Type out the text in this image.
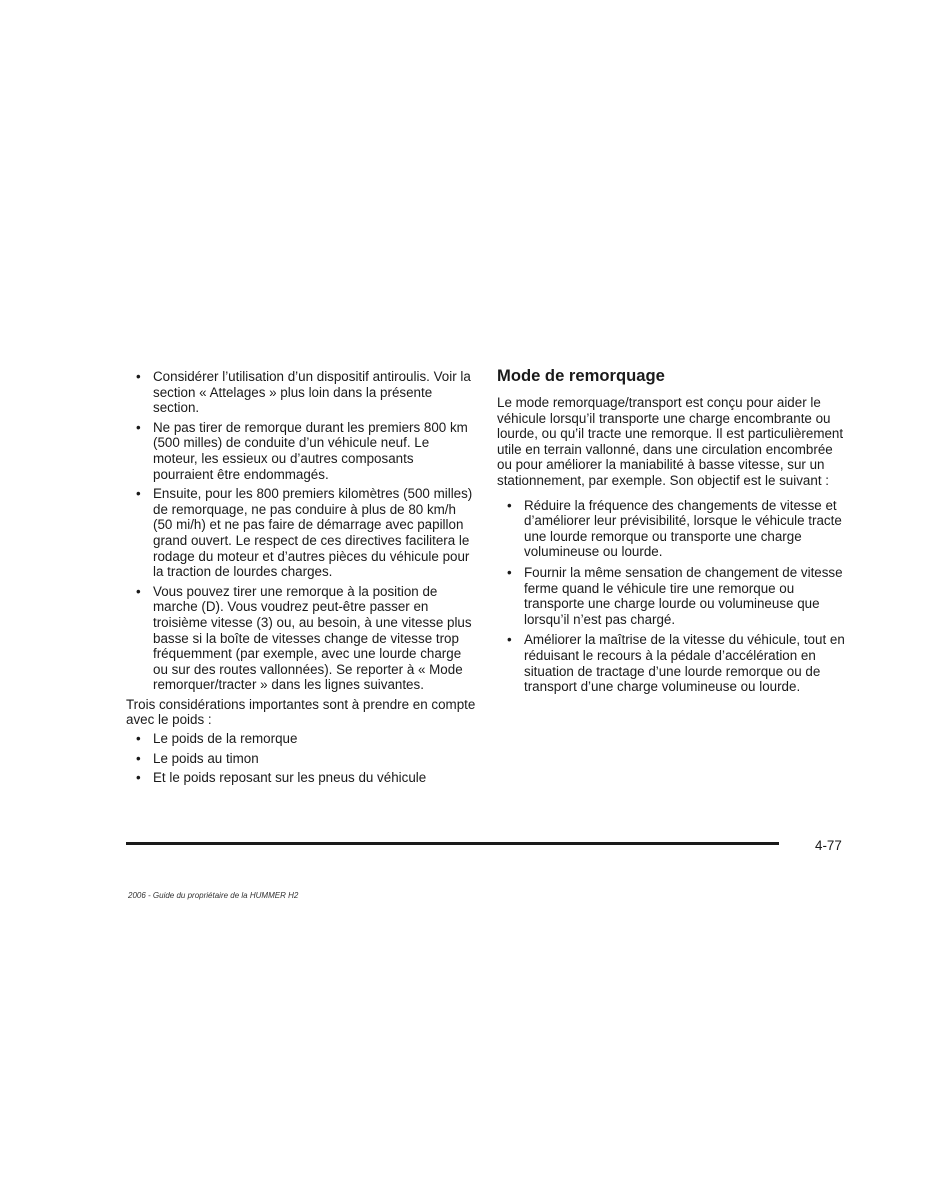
• Considérer l’utilisation d’un dispositif antiroulis. Voir la section « Attelages » plus loin dans la présente section.
• Ne pas tirer de remorque durant les premiers 800 km (500 milles) de conduite d’un véhicule neuf. Le moteur, les essieux ou d’autres composants pourraient être endommagés.
• Ensuite, pour les 800 premiers kilomètres (500 milles) de remorquage, ne pas conduire à plus de 80 km/h (50 mi/h) et ne pas faire de démarrage avec papillon grand ouvert. Le respect de ces directives facilitera le rodage du moteur et d’autres pièces du véhicule pour la traction de lourdes charges.
• Vous pouvez tirer une remorque à la position de marche (D). Vous voudrez peut-être passer en troisième vitesse (3) ou, au besoin, à une vitesse plus basse si la boîte de vitesses change de vitesse trop fréquemment (par exemple, avec une lourde charge ou sur des routes vallonnées). Se reporter à « Mode remorquer/tracter » dans les lignes suivantes.

Trois considérations importantes sont à prendre en compte avec le poids :

• Le poids de la remorque
• Le poids au timon
• Et le poids reposant sur les pneus du véhicule
Mode de remorquage

Le mode remorquage/transport est conçu pour aider le véhicule lorsqu’il transporte une charge encombrante ou lourde, ou qu’il tracte une remorque. Il est particulièrement utile en terrain vallonné, dans une circulation encombrée ou pour améliorer la maniabilité à basse vitesse, sur un stationnement, par exemple. Son objectif est le suivant :

• Réduire la fréquence des changements de vitesse et d’améliorer leur prévisibilité, lorsque le véhicule tracte une lourde remorque ou transporte une charge volumineuse ou lourde.
• Fournir la même sensation de changement de vitesse ferme quand le véhicule tire une remorque ou transporte une charge lourde ou volumineuse que lorsqu’il n’est pas chargé.
• Améliorer la maîtrise de la vitesse du véhicule, tout en réduisant le recours à la pédale d’accélération en situation de tractage d’une lourde remorque ou de transport d’une charge volumineuse ou lourde.
4-77
2006 - Guide du propriétaire de la HUMMER H2
